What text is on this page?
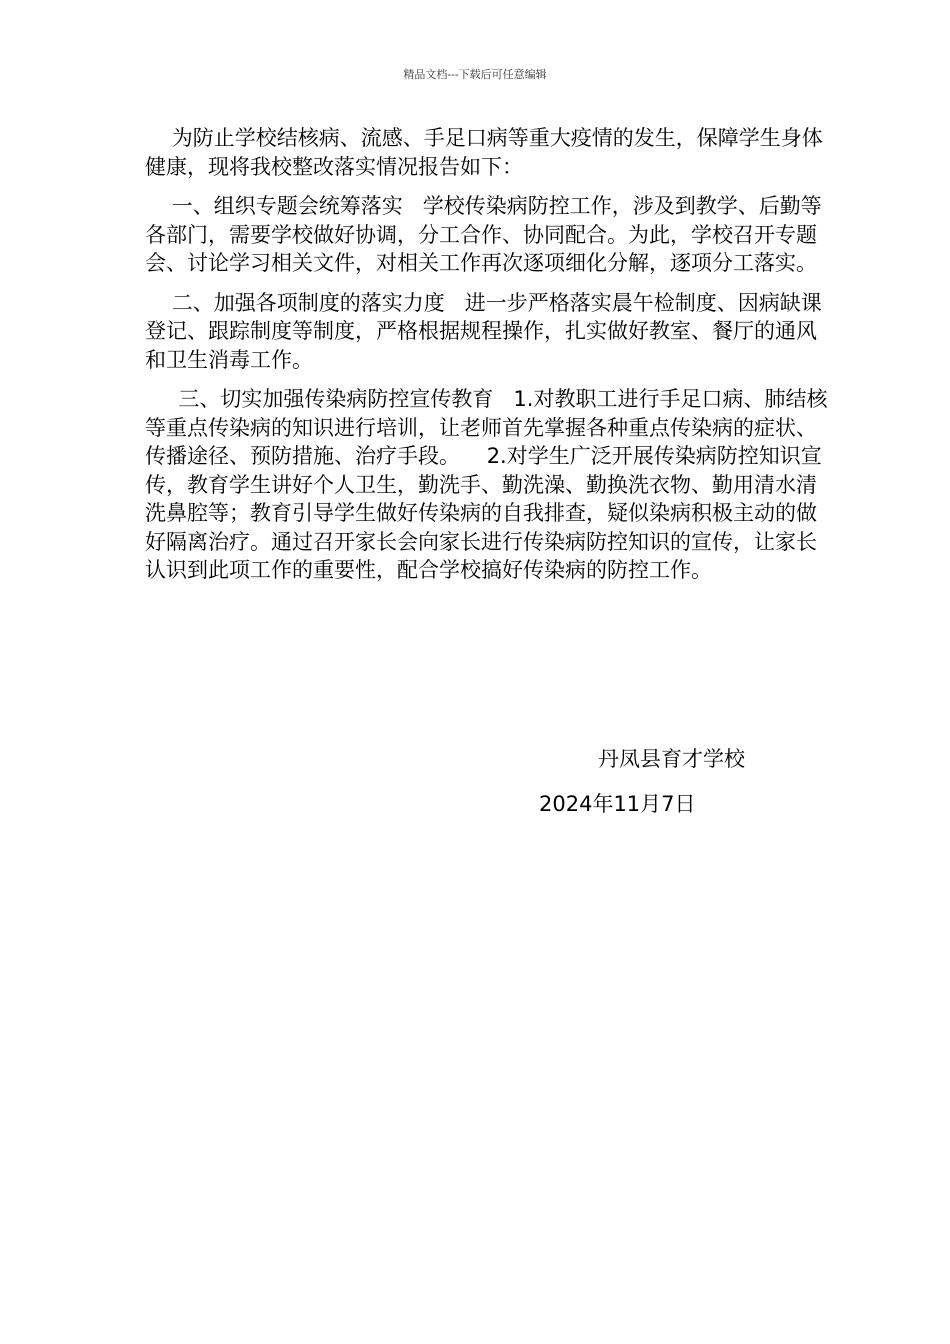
精品文档---下载后可任意编辑

为防止学校结核病、流感、手足口病等重大疫情的发生，保障学生身体健康，现将我校整改落实情况报告如下：

一、组织专题会统筹落实   学校传染病防控工作，涉及到教学、后勤等各部门，需要学校做好协调，分工合作、协同配合。为此，学校召开专题会、讨论学习相关文件，对相关工作再次逐项细化分解，逐项分工落实。

二、加强各项制度的落实力度   进一步严格落实晨午检制度、因病缺课登记、跟踪制度等制度，严格根据规程操作，扎实做好教室、餐厅的通风和卫生消毒工作。

三、切实加强传染病防控宣传教育   1.对教职工进行手足口病、肺结核等重点传染病的知识进行培训，让老师首先掌握各种重点传染病的症状、传播途径、预防措施、治疗手段。    2.对学生广泛开展传染病防控知识宣传，教育学生讲好个人卫生，勤洗手、勤洗澡、勤换洗衣物、勤用清水清洗鼻腔等；教育引导学生做好传染病的自我排查，疑似染病积极主动的做好隔离治疗。通过召开家长会向家长进行传染病防控知识的宣传，让家长认识到此项工作的重要性，配合学校搞好传染病的防控工作。

丹凤县育才学校
2024年11月7日
